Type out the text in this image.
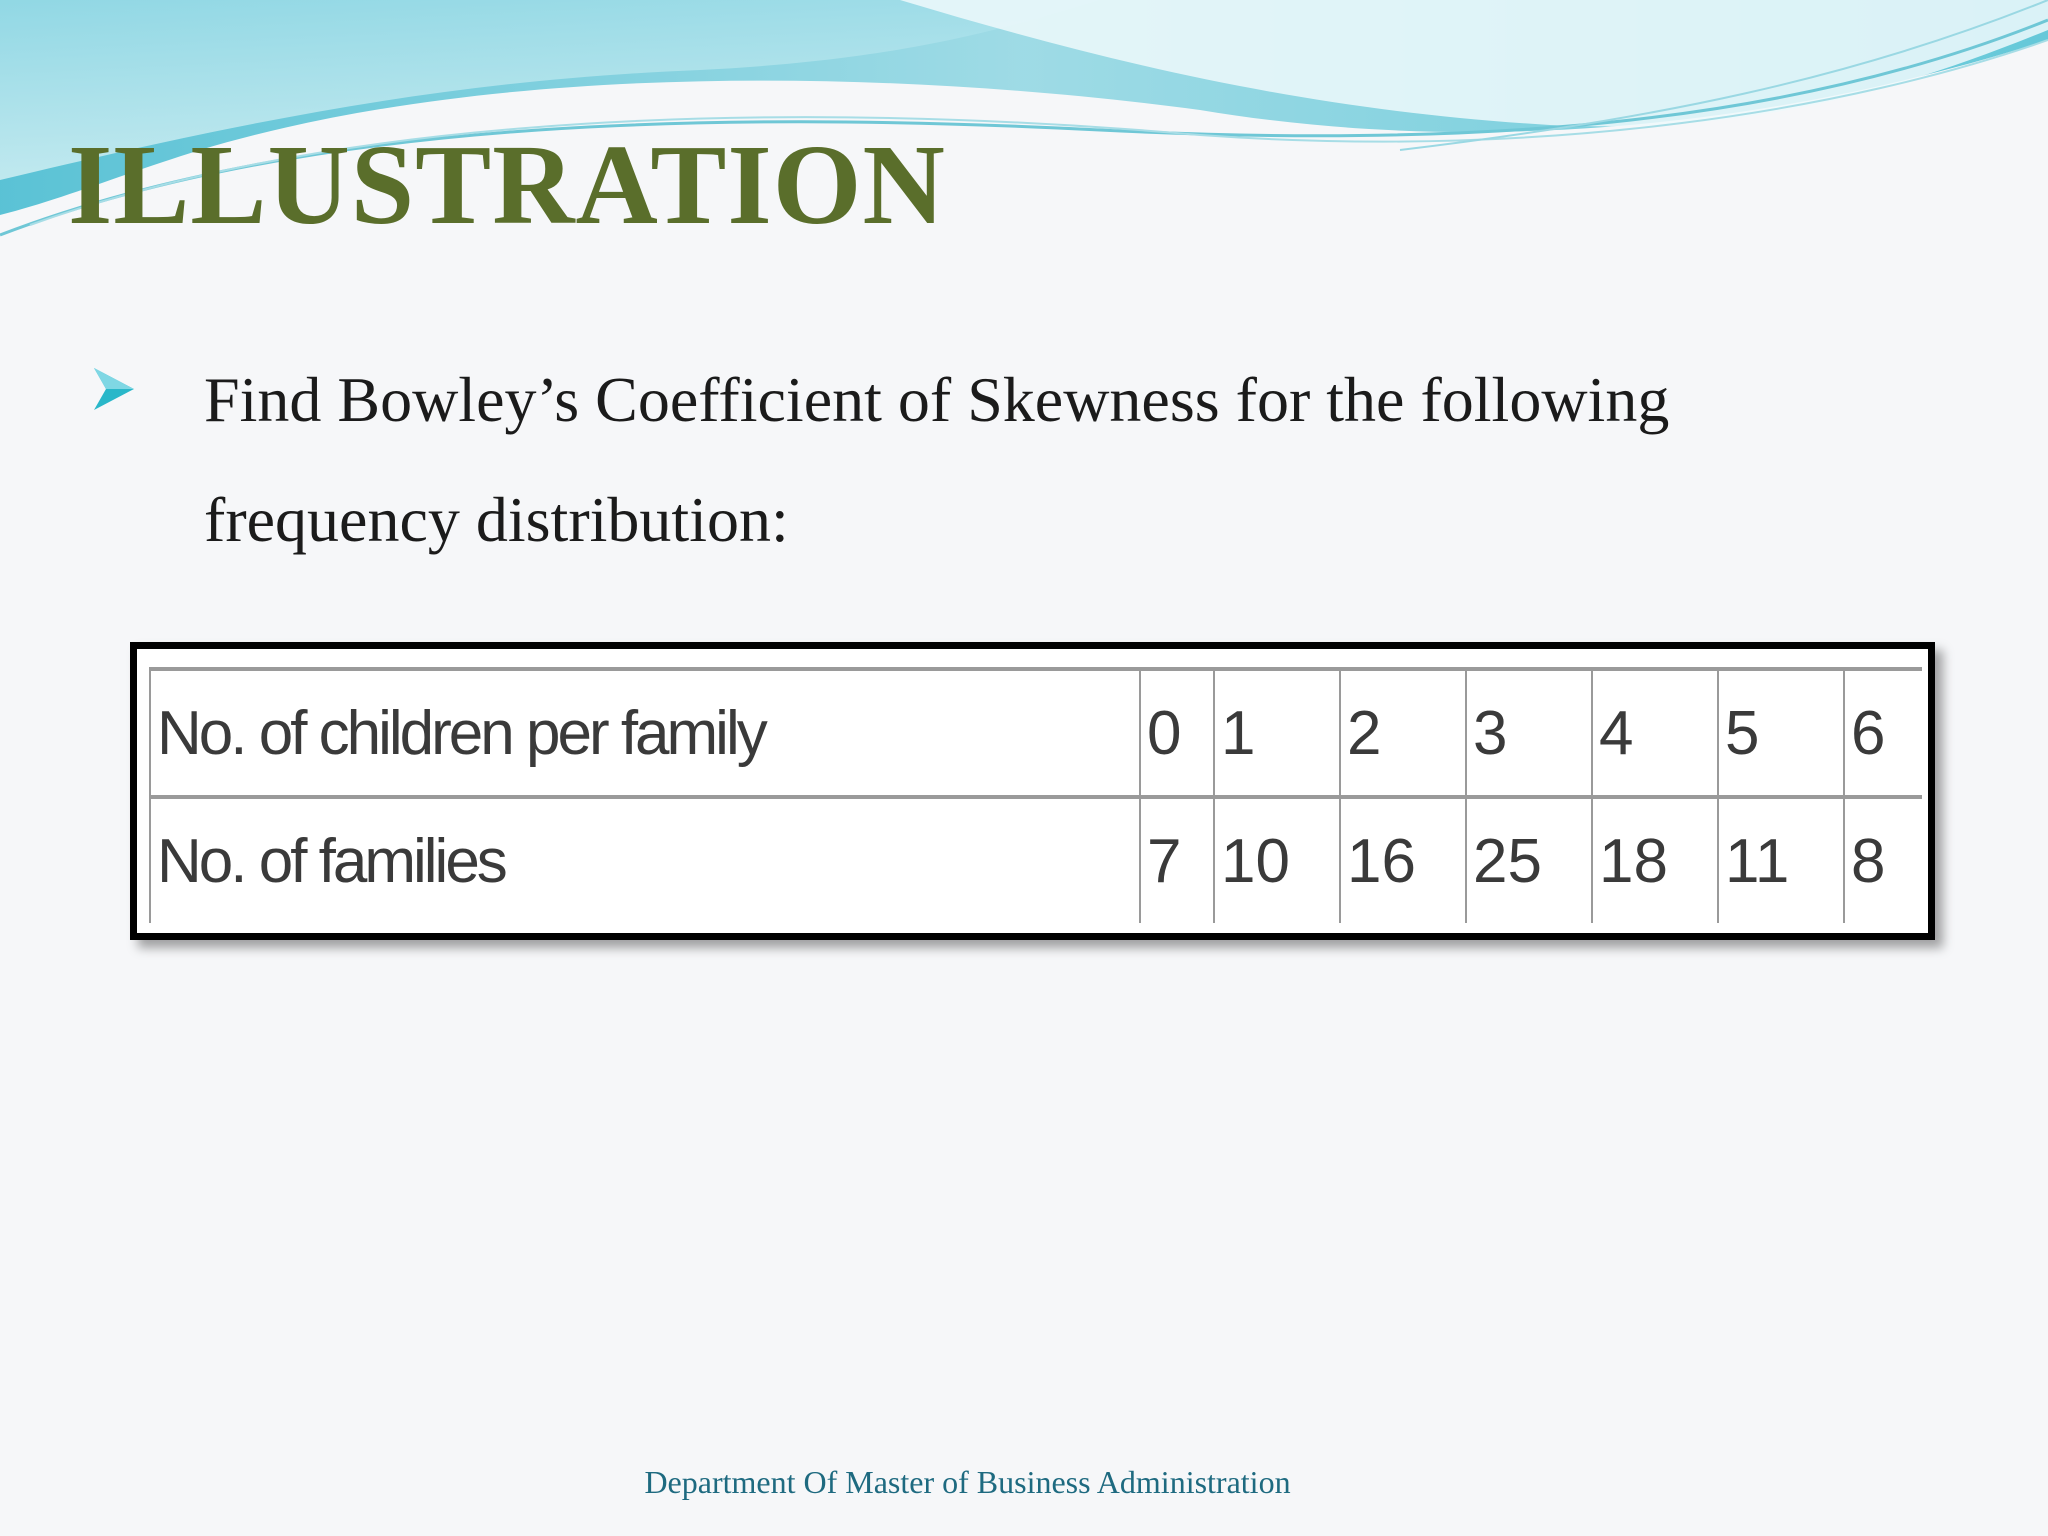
ILLUSTRATION

Find Bowley’s Coefficient of Skewness for the following frequency distribution:

No. of children per family	0	1	2	3	4	5	6
No. of families	7	10	16	25	18	11	8
Department Of Master of Business Administration
